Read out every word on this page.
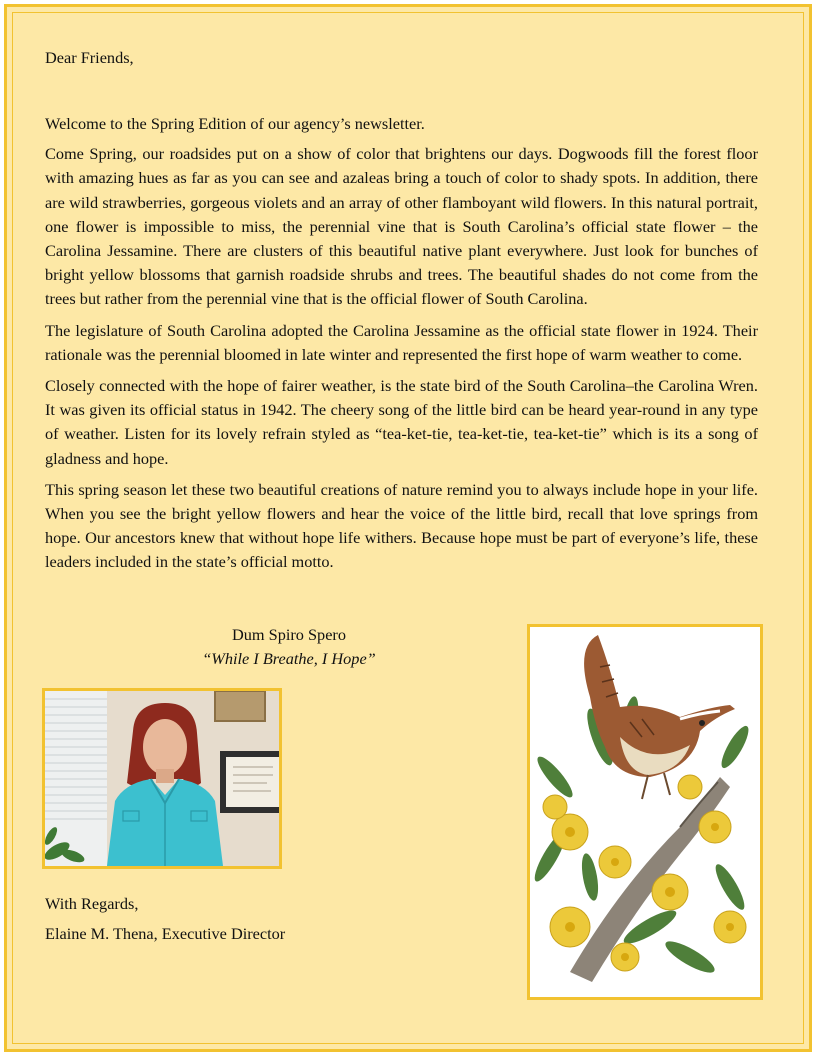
Dear Friends,

Welcome to the Spring Edition of our agency’s newsletter.

Come Spring, our roadsides put on a show of color that brightens our days. Dogwoods fill the forest floor with amazing hues as far as you can see and azaleas bring a touch of color to shady spots. In addition, there are wild strawberries, gorgeous violets and an array of other flamboyant wild flowers. In this natural portrait, one flower is impossible to miss, the perennial vine that is South Carolina’s official state flower – the Carolina Jessamine. There are clusters of this beautiful native plant everywhere. Just look for bunches of bright yellow blossoms that garnish roadside shrubs and trees. The beautiful shades do not come from the trees but rather from the perennial vine that is the official flower of South Carolina.

The legislature of South Carolina adopted the Carolina Jessamine as the official state flower in 1924. Their rationale was the perennial bloomed in late winter and represented the first hope of warm weather to come.

Closely connected with the hope of fairer weather, is the state bird of the South Carolina–the Carolina Wren. It was given its official status in 1942. The cheery song of the little bird can be heard year-round in any type of weather. Listen for its lovely refrain styled as “tea-ket-tie, tea-ket-tie, tea-ket-tie” which is its a song of gladness and hope.

This spring season let these two beautiful creations of nature remind you to always include hope in your life. When you see the bright yellow flowers and hear the voice of the little bird, recall that love springs from hope. Our ancestors knew that without hope life withers. Because hope must be part of everyone’s life, these leaders included in the state’s official motto.

Dum Spiro Spero
“While I Breathe, I Hope”
With Regards,
Elaine M. Thena, Executive Director
